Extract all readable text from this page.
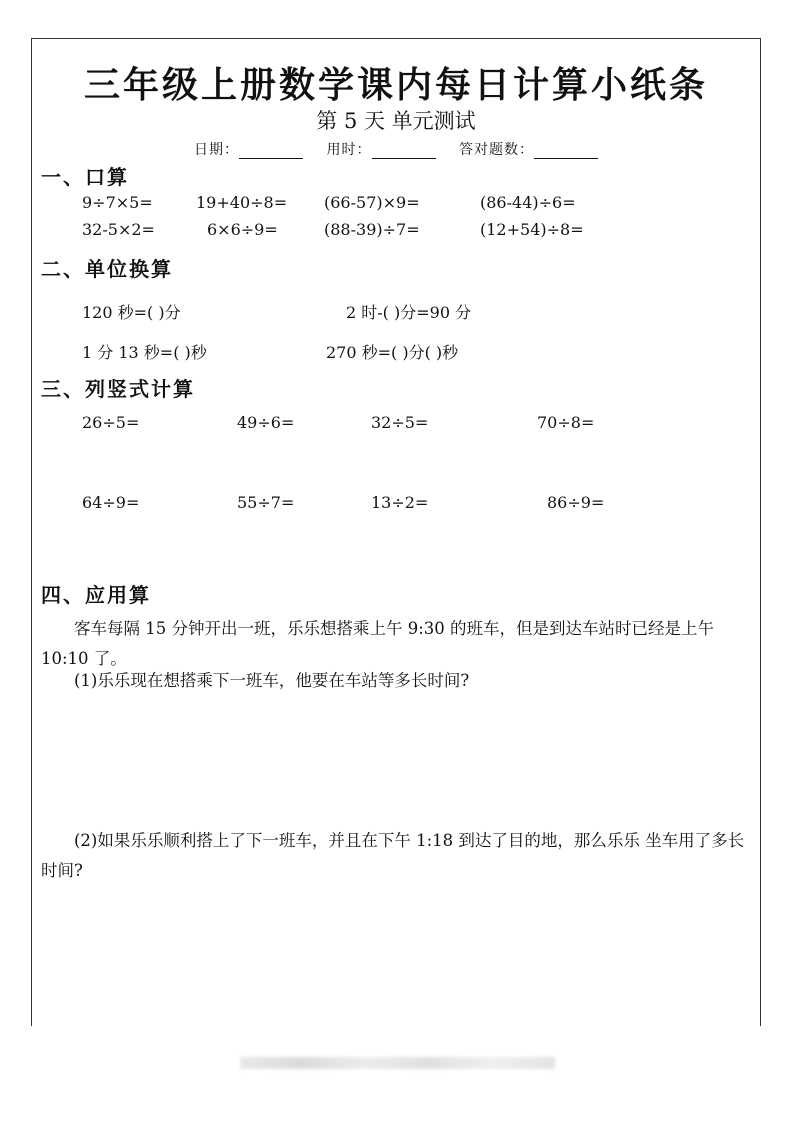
三年级上册数学课内每日计算小纸条
第 5 天 单元测试
日期：	用时：	答对题数：
一、口算
9÷7×5=	19+40÷8= (66-57)×9=	(86-44)÷6=
32-5×2=	6×6÷9=	(88-39)÷7=	(12+54)÷8=
二、单位换算
120 秒=( )分	2 时-( )分=90 分
1 分 13 秒=( )秒	270 秒=( )分( )秒
三、列竖式计算
26÷5=	49÷6=	32÷5=	70÷8=
64÷9=	55÷7=	13÷2=	86÷9=
四、应用算
　　客车每隔 15 分钟开出一班，乐乐想搭乘上午 9:30 的班车，但是到达车站时已经是上午 10:10 了。
　　(1)乐乐现在想搭乘下一班车，他要在车站等多长时间?
　　(2)如果乐乐顺利搭上了下一班车，并且在下午 1:18 到达了目的地，那么乐乐 坐车用了多长时间?
